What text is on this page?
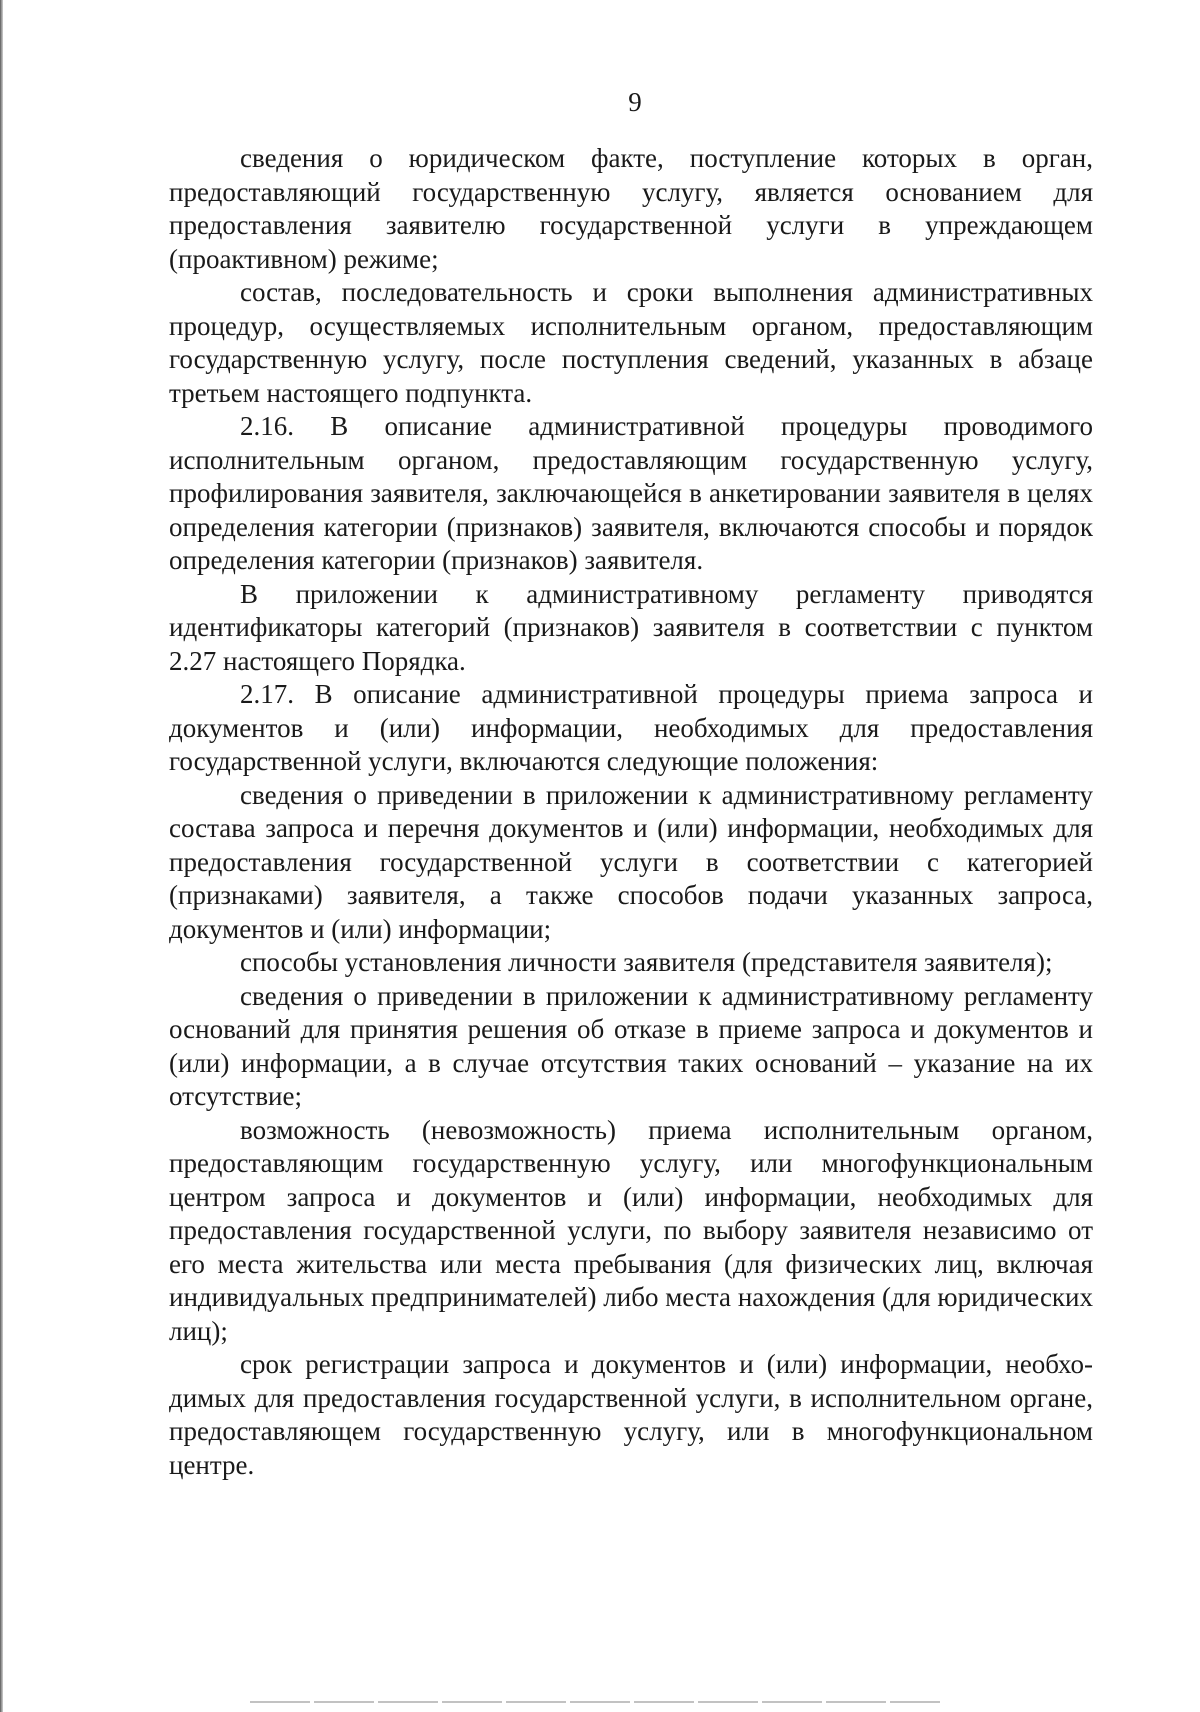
9

сведения о юридическом факте, поступление которых в орган, предоставляющий государственную услугу, является основанием для предоставления заявителю государственной услуги в упреждающем (проактивном) режиме;

состав, последовательность и сроки выполнения административных процедур, осуществляемых исполнительным органом, предоставляющим государственную услугу, после поступления сведений, указанных в абзаце третьем настоящего подпункта.

2.16. В описание административной процедуры проводимого исполнительным органом, предоставляющим государственную услугу, профилирования заявителя, заключающейся в анкетировании заявителя в целях определения категории (признаков) заявителя, включаются способы и порядок определения категории (признаков) заявителя.

В приложении к административному регламенту приводятся идентификаторы категорий (признаков) заявителя в соответствии с пунктом 2.27 настоящего Порядка.

2.17. В описание административной процедуры приема запроса и документов и (или) информации, необходимых для предоставления государственной услуги, включаются следующие положения:

сведения о приведении в приложении к административному регламенту состава запроса и перечня документов и (или) информации, необходимых для предоставления государственной услуги в соответствии с категорией (признаками) заявителя, а также способов подачи указанных запроса, документов и (или) информации;

способы установления личности заявителя (представителя заявителя);

сведения о приведении в приложении к административному регламенту оснований для принятия решения об отказе в приеме запроса и документов и (или) информации, а в случае отсутствия таких оснований – указание на их отсутствие;

возможность (невозможность) приема исполнительным органом, предоставляющим государственную услугу, или многофункциональным центром запроса и документов и (или) информации, необходимых для предоставления государственной услуги, по выбору заявителя независимо от его места жительства или места пребывания (для физических лиц, включая индивидуальных предпринимателей) либо места нахождения (для юридических лиц);

срок регистрации запроса и документов и (или) информации, необходимых для предоставления государственной услуги, в исполнительном органе, предоставляющем государственную услугу, или в многофункциональном центре.
